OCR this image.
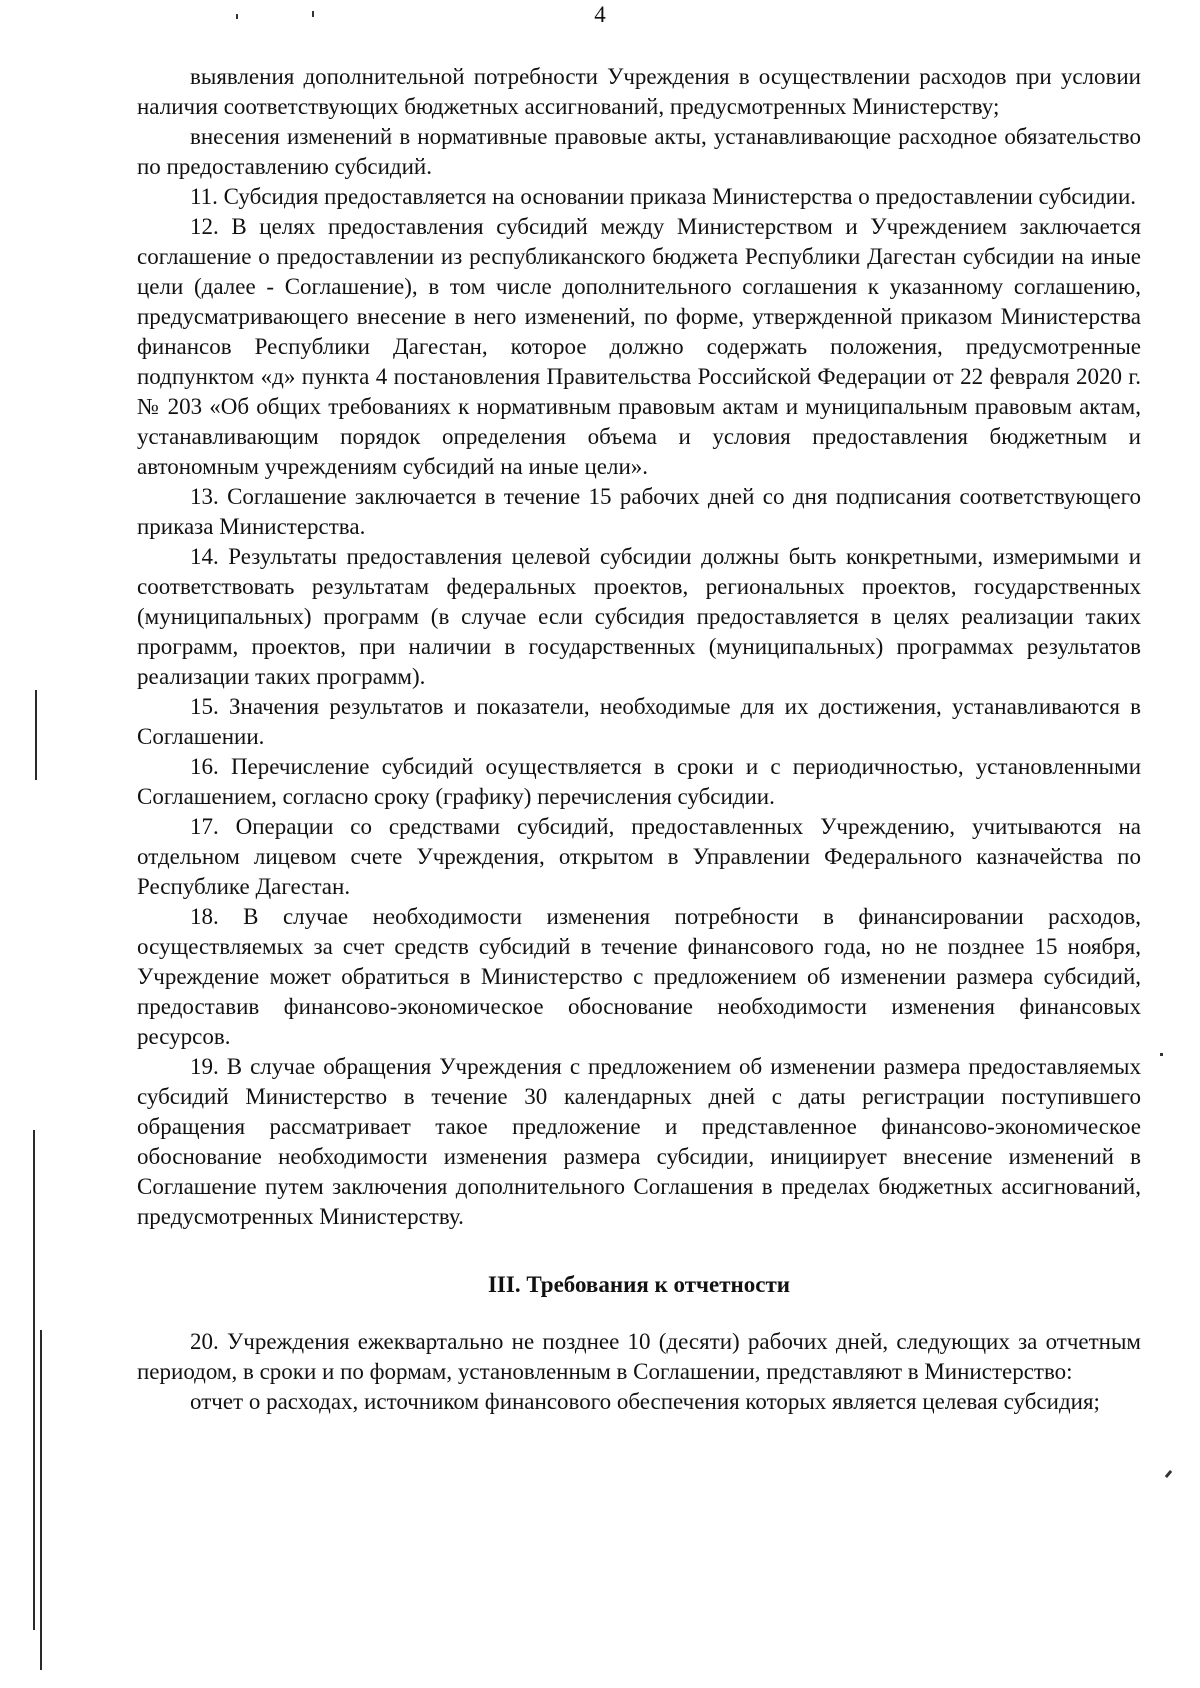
4

выявления дополнительной потребности Учреждения в осуществлении расходов при условии наличия соответствующих бюджетных ассигнований, предусмотренных Министерству;

внесения изменений в нормативные правовые акты, устанавливающие расходное обязательство по предоставлению субсидий.

11. Субсидия предоставляется на основании приказа Министерства о предоставлении субсидии.

12. В целях предоставления субсидий между Министерством и Учреждением заключается соглашение о предоставлении из республиканского бюджета Республики Дагестан субсидии на иные цели (далее - Соглашение), в том числе дополнительного соглашения к указанному соглашению, предусматривающего внесение в него изменений, по форме, утвержденной приказом Министерства финансов Республики Дагестан, которое должно содержать положения, предусмотренные подпунктом «д» пункта 4 постановления Правительства Российской Федерации от 22 февраля 2020 г. № 203 «Об общих требованиях к нормативным правовым актам и муниципальным правовым актам, устанавливающим порядок определения объема и условия предоставления бюджетным и автономным учреждениям субсидий на иные цели».

13. Соглашение заключается в течение 15 рабочих дней со дня подписания соответствующего приказа Министерства.

14. Результаты предоставления целевой субсидии должны быть конкретными, измеримыми и соответствовать результатам федеральных проектов, региональных проектов, государственных (муниципальных) программ (в случае если субсидия предоставляется в целях реализации таких программ, проектов, при наличии в государственных (муниципальных) программах результатов реализации таких программ).

15. Значения результатов и показатели, необходимые для их достижения, устанавливаются в Соглашении.

16. Перечисление субсидий осуществляется в сроки и с периодичностью, установленными Соглашением, согласно сроку (графику) перечисления субсидии.

17. Операции со средствами субсидий, предоставленных Учреждению, учитываются на отдельном лицевом счете Учреждения, открытом в Управлении Федерального казначейства по Республике Дагестан.

18. В случае необходимости изменения потребности в финансировании расходов, осуществляемых за счет средств субсидий в течение финансового года, но не позднее 15 ноября, Учреждение может обратиться в Министерство с предложением об изменении размера субсидий, предоставив финансово-экономическое обоснование необходимости изменения финансовых ресурсов.

19. В случае обращения Учреждения с предложением об изменении размера предоставляемых субсидий Министерство в течение 30 календарных дней с даты регистрации поступившего обращения рассматривает такое предложение и представленное финансово-экономическое обоснование необходимости изменения размера субсидии, инициирует внесение изменений в Соглашение путем заключения дополнительного Соглашения в пределах бюджетных ассигнований, предусмотренных Министерству.

III. Требования к отчетности

20. Учреждения ежеквартально не позднее 10 (десяти) рабочих дней, следующих за отчетным периодом, в сроки и по формам, установленным в Соглашении, представляют в Министерство:

отчет о расходах, источником финансового обеспечения которых является целевая субсидия;
